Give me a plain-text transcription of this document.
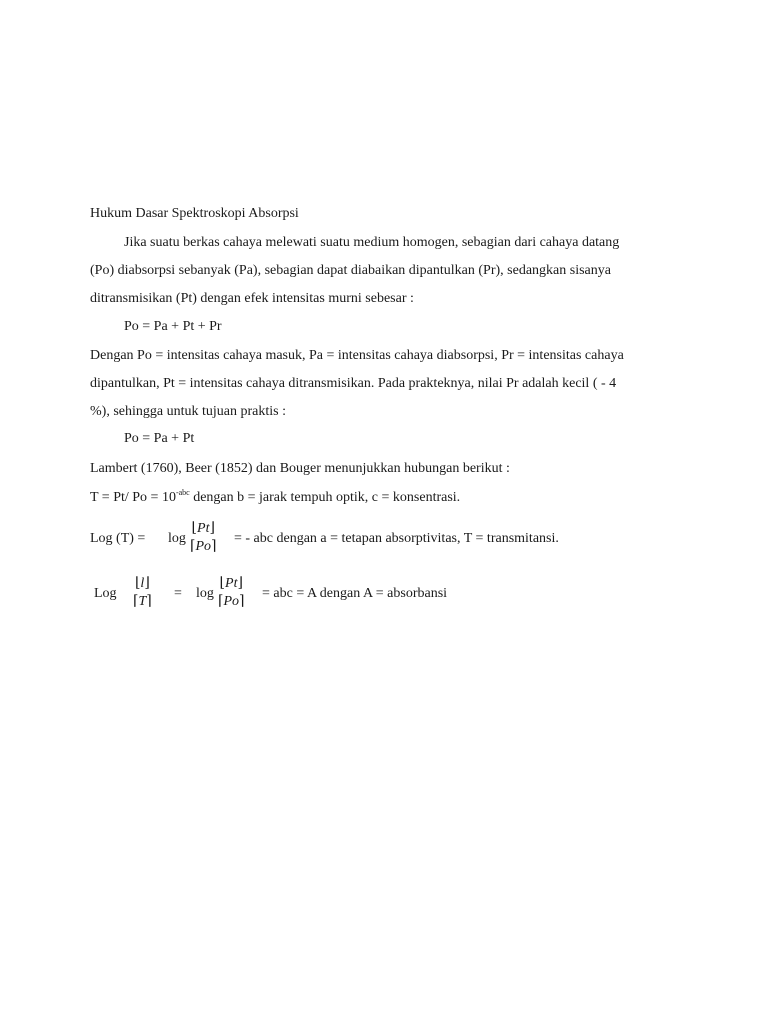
Hukum Dasar Spektroskopi Absorpsi
Jika suatu berkas cahaya melewati suatu medium homogen, sebagian dari cahaya datang
(Po) diabsorpsi sebanyak (Pa), sebagian dapat diabaikan dipantulkan (Pr), sedangkan sisanya
ditransmisikan (Pt) dengan efek intensitas murni sebesar :
Po = Pa + Pt + Pr
Dengan Po = intensitas cahaya masuk, Pa = intensitas cahaya diabsorpsi, Pr = intensitas cahaya
dipantulkan, Pt = intensitas cahaya ditransmisikan. Pada prakteknya, nilai Pr adalah kecil ( - 4
%), sehingga untuk tujuan praktis :
Po = Pa + Pt
Lambert (1760), Beer (1852) dan Bouger menunjukkan hubungan berikut :
T = Pt/ $Po = 10^{-abc}$ dengan b = jarak tempuh optik, c = konsentrasi.
Log (T) = log
⌊ Pt ⌋
⌈ Po ⌉
= - abc dengan a = tetapan absorptivitas, T = transmitansi.
Log
⌊ l ⌋
⌈ T ⌉
= log
⌊ Pt ⌋
⌈ Po ⌉
= abc = A dengan A = absorbansi
